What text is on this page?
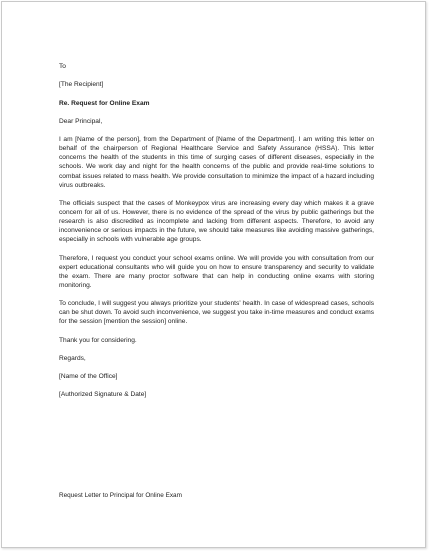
To

[The Recipient]

Re. Request for Online Exam

Dear Principal,

I am [Name of the person], from the Department of [Name of the Department]. I am writing this letter on behalf of the chairperson of Regional Healthcare Service and Safety Assurance (HSSA). This letter concerns the health of the students in this time of surging cases of different diseases, especially in the schools. We work day and night for the health concerns of the public and provide real-time solutions to combat issues related to mass health. We provide consultation to minimize the impact of a hazard including virus outbreaks.

The officials suspect that the cases of Monkeypox virus are increasing every day which makes it a grave concern for all of us. However, there is no evidence of the spread of the virus by public gatherings but the research is also discredited as incomplete and lacking from different aspects. Therefore, to avoid any inconvenience or serious impacts in the future, we should take measures like avoiding massive gatherings, especially in schools with vulnerable age groups.

Therefore, I request you conduct your school exams online. We will provide you with consultation from our expert educational consultants who will guide you on how to ensure transparency and security to validate the exam. There are many proctor software that can help in conducting online exams with storing monitoring.

To conclude, I will suggest you always prioritize your students’ health. In case of widespread cases, schools can be shut down. To avoid such inconvenience, we suggest you take in-time measures and conduct exams for the session [mention the session] online.

Thank you for considering.

Regards,

[Name of the Office]

[Authorized Signature & Date]

Request Letter to Principal for Online Exam
